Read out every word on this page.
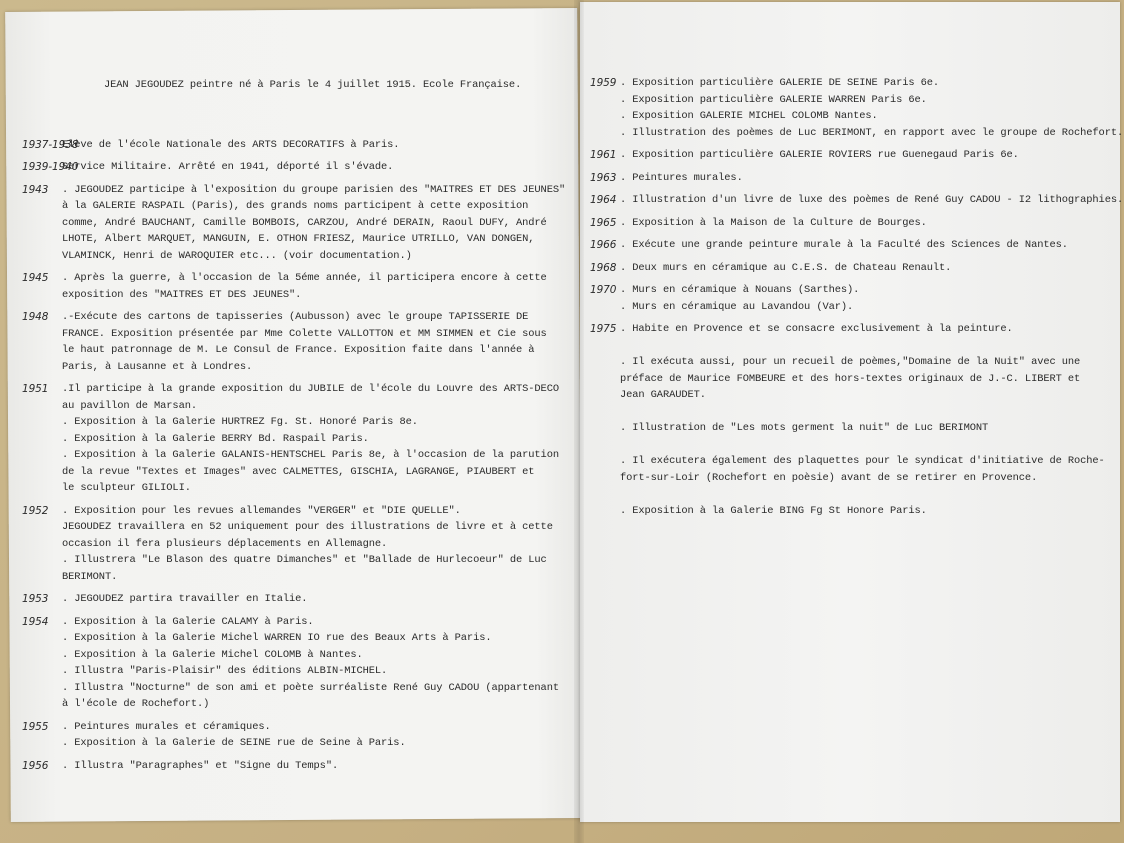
JEAN JEGOUDEZ peintre né à Paris le 4 juillet 1915. Ecole Française.

1937-1938
Elève de l'école Nationale des ARTS DECORATIFS à Paris.
1939-1940
Service Militaire. Arrêté en 1941, déporté il s'évade.
1943 . JEGOUDEZ participe à l'exposition du groupe parisien des "MAITRES ET DES JEUNES"
à la GALERIE RASPAIL (Paris), des grands noms participent à cette exposition
comme, André BAUCHANT, Camille BOMBOIS, CARZOU, André DERAIN, Raoul DUFY, André
LHOTE, Albert MARQUET, MANGUIN, E. OTHON FRIESZ, Maurice UTRILLO, VAN DONGEN,
VLAMINCK, Henri de WAROQUIER etc... (voir documentation.)
1945 . Après la guerre, à l'occasion de la 5éme année, il participera encore à cette
exposition des "MAITRES ET DES JEUNES".
1948 .-Exécute des cartons de tapisseries (Aubusson) avec le groupe TAPISSERIE DE
FRANCE. Exposition présentée par Mme Colette VALLOTTON et MM SIMMEN et Cie sous
le haut patronnage de M. Le Consul de France. Exposition faite dans l'année à
Paris, à Lausanne et à Londres.
1951 .Il participe à la grande exposition du JUBILE de l'école du Louvre des ARTS-DECO
au pavillon de Marsan.
. Exposition à la Galerie HURTREZ Fg. St. Honoré Paris 8e.
. Exposition à la Galerie BERRY Bd. Raspail Paris.
. Exposition à la Galerie GALANIS-HENTSCHEL Paris 8e, à l'occasion de la parution
de la revue "Textes et Images" avec CALMETTES, GISCHIA, LAGRANGE, PIAUBERT et
le sculpteur GILIOLI.
1952 . Exposition pour les revues allemandes "VERGER" et "DIE QUELLE".
JEGOUDEZ travaillera en 52 uniquement pour des illustrations de livre et à cette
occasion il fera plusieurs déplacements en Allemagne.
. Illustrera "Le Blason des quatre Dimanches" et "Ballade de Hurlecoeur" de Luc
BERIMONT.
1953 . JEGOUDEZ partira travailler en Italie.
1954 . Exposition à la Galerie CALAMY à Paris.
. Exposition à la Galerie Michel WARREN IO rue des Beaux Arts à Paris.
. Exposition à la Galerie Michel COLOMB à Nantes.
. Illustra "Paris-Plaisir" des éditions ALBIN-MICHEL.
. Illustra "Nocturne" de son ami et poète surréaliste René Guy CADOU (appartenant
à l'école de Rochefort.)
1955 . Peintures murales et céramiques.
. Exposition à la Galerie de SEINE rue de Seine à Paris.
1956 . Illustra "Paragraphes" et "Signe du Temps".

1959 . Exposition particulière GALERIE DE SEINE Paris 6e.
. Exposition particulière GALERIE WARREN Paris 6e.
. Exposition GALERIE MICHEL COLOMB Nantes.
. Illustration des poèmes de Luc BERIMONT, en rapport avec le groupe de Rochefort.
1961 . Exposition particulière GALERIE ROVIERS rue Guenegaud Paris 6e.
1963 . Peintures murales.
1964 . Illustration d'un livre de luxe des poèmes de René Guy CADOU - I2 lithographies.
1965 . Exposition à la Maison de la Culture de Bourges.
1966 . Exécute une grande peinture murale à la Faculté des Sciences de Nantes.
1968 . Deux murs en céramique au C.E.S. de Chateau Renault.
1970 . Murs en céramique à Nouans (Sarthes).
. Murs en céramique au Lavandou (Var).
1975 . Habite en Provence et se consacre exclusivement à la peinture.
. Il exécuta aussi, pour un recueil de poèmes,"Domaine de la Nuit" avec une
préface de Maurice FOMBEURE et des hors-textes originaux de J.-C. LIBERT et
Jean GARAUDET.
. Illustration de "Les mots germent la nuit" de Luc BERIMONT
. Il exécutera également des plaquettes pour le syndicat d'initiative de Roche-
fort-sur-Loir (Rochefort en poèsie) avant de se retirer en Provence.
. Exposition à la Galerie BING Fg St Honore Paris.
